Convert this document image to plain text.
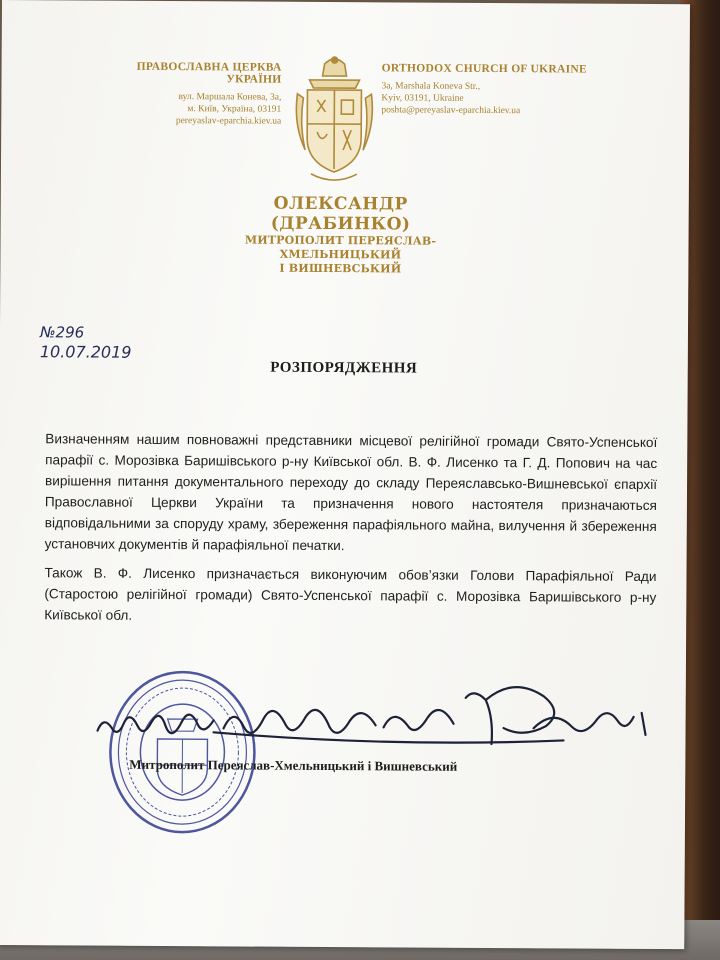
ПРАВОСЛАВНА ЦЕРКВА УКРАЇНИ
вул. Маршала Конева, 3а,
м. Київ, Україна, 03191
pereyaslav-eparchia.kiev.ua
ORTHODOX CHURCH OF UKRAINE
3a, Marshala Koneva Str.,
Kyiv, 03191, Ukraine
poshta@pereyaslav-eparchia.kiev.ua
ОЛЕКСАНДР (ДРАБИНКО)
МИТРОПОЛИТ ПЕРЕЯСЛАВ-ХМЕЛЬНИЦЬКИЙ
І ВИШНЕВСЬКИЙ
№296
10.07.2019
РОЗПОРЯДЖЕННЯ

Визначенням нашим повноважні представники місцевої релігійної громади Свято-Успенської парафії с. Морозівка Баришівського р-ну Київської обл. В. Ф. Лисенко та Г. Д. Попович на час вирішення питання документального переходу до складу Переяславсько-Вишневської єпархії Православної Церкви України та призначення нового настоятеля призначаються відповідальними за споруду храму, збереження парафіяльного майна, вилучення й збереження установчих документів й парафіяльної печатки.

Також В. Ф. Лисенко призначається виконуючим обов’язки Голови Парафіяльної Ради (Старостою релігійної громади) Свято-Успенської парафії с. Морозівка Баришівського р-ну Київської обл.

Митрополит Переяслав-Хмельницький і Вишневський
